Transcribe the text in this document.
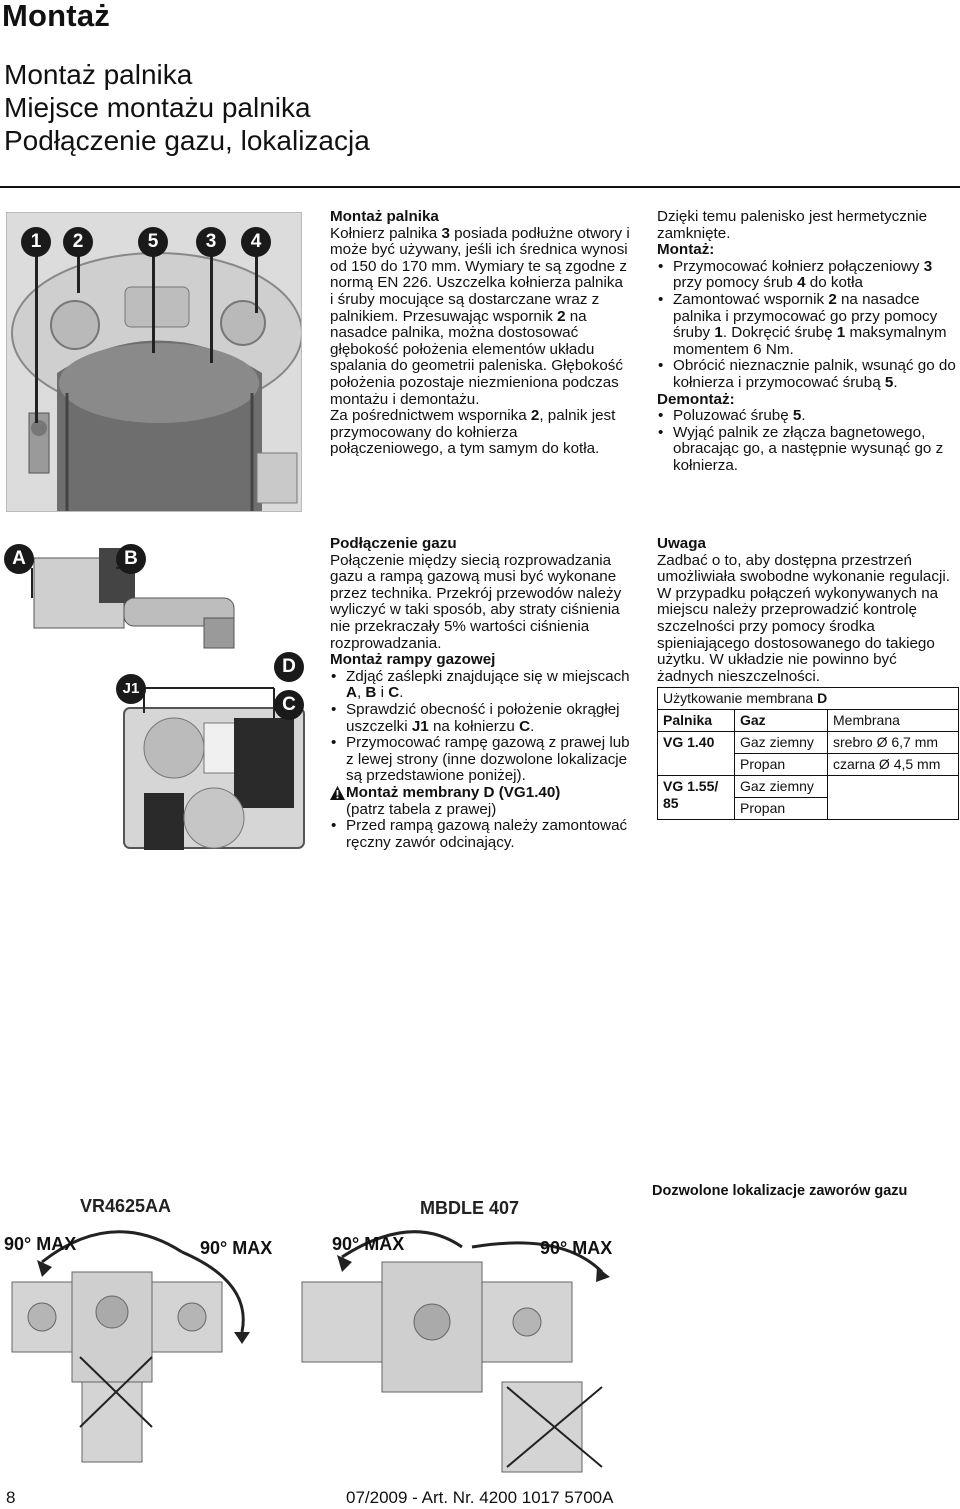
Montaż
Montaż palnika
Miejsce montażu palnika
Podłączenie gazu, lokalizacja
1	2	5	3	4

Montaż palnika

Kołnierz palnika 3 posiada podłużne otwory i może być używany, jeśli ich średnica wynosi od 150 do 170 mm. Wymiary te są zgodne z normą EN 226. Uszczelka kołnierza palnika i śruby mocujące są dostarczane wraz z palnikiem. Przesuwając wspornik 2 na nasadce palnika, można dostosować głębokość położenia elementów układu spalania do geometrii paleniska. Głębokość położenia pozostaje niezmieniona podczas montażu i demontażu.

Za pośrednictwem wspornika 2, palnik jest przymocowany do kołnierza połączeniowego, a tym samym do kotła.

Dzięki temu palenisko jest hermetycznie zamknięte.

Montaż:

• Przymocować kołnierz połączeniowy 3 przy pomocy śrub 4 do kotła
• Zamontować wspornik 2 na nasadce palnika i przymocować go przy pomocy śruby 1. Dokręcić śrubę 1 maksymalnym momentem 6 Nm.
• Obrócić nieznacznie palnik, wsunąć go do kołnierza i przymocować śrubą 5.

Demontaż:

• Poluzować śrubę 5.
• Wyjąć palnik ze złącza bagnetowego, obracając go, a następnie wysunąć go z kołnierza.
A	B
D
J1
C

Podłączenie gazu

Połączenie między siecią rozprowadzania gazu a rampą gazową musi być wykonane przez technika. Przekrój przewodów należy wyliczyć w taki sposób, aby straty ciśnienia nie przekraczały 5% wartości ciśnienia rozprowadzania.

Montaż rampy gazowej

• Zdjąć zaślepki znajdujące się w miejscach A, B i C.
• Sprawdzić obecność i położenie okrągłej uszczelki J1 na kołnierzu C.
• Przymocować rampę gazową z prawej lub z lewej strony (inne dozwolone lokalizacje są przedstawione poniżej).
Montaż membrany D (VG1.40)
(patrz tabela z prawej)
• Przed rampą gazową należy zamontować ręczny zawór odcinający.

Uwaga

Zadbać o to, aby dostępna przestrzeń umożliwiała swobodne wykonanie regulacji. W przypadku połączeń wykonywanych na miejscu należy przeprowadzić kontrolę szczelności przy pomocy środka spieniającego dostosowanego do takiego użytku. W układzie nie powinno być żadnych nieszczelności.

Użytkowanie membrana D		
Palnika	Gaz	Membrana
VG 1.40	Gaz ziemny	srebro Ø 6,7 mm
	Propan	czarna Ø 4,5 mm
VG 1.55/ 85	Gaz ziemny	
	Propan	
Dozwolone lokalizacje zaworów gazu
VR4625AA	MBDLE 407
90° MAX	90° MAX	90° MAX	90° MAX
8	07/2009 - Art. Nr. 4200 1017 5700A
